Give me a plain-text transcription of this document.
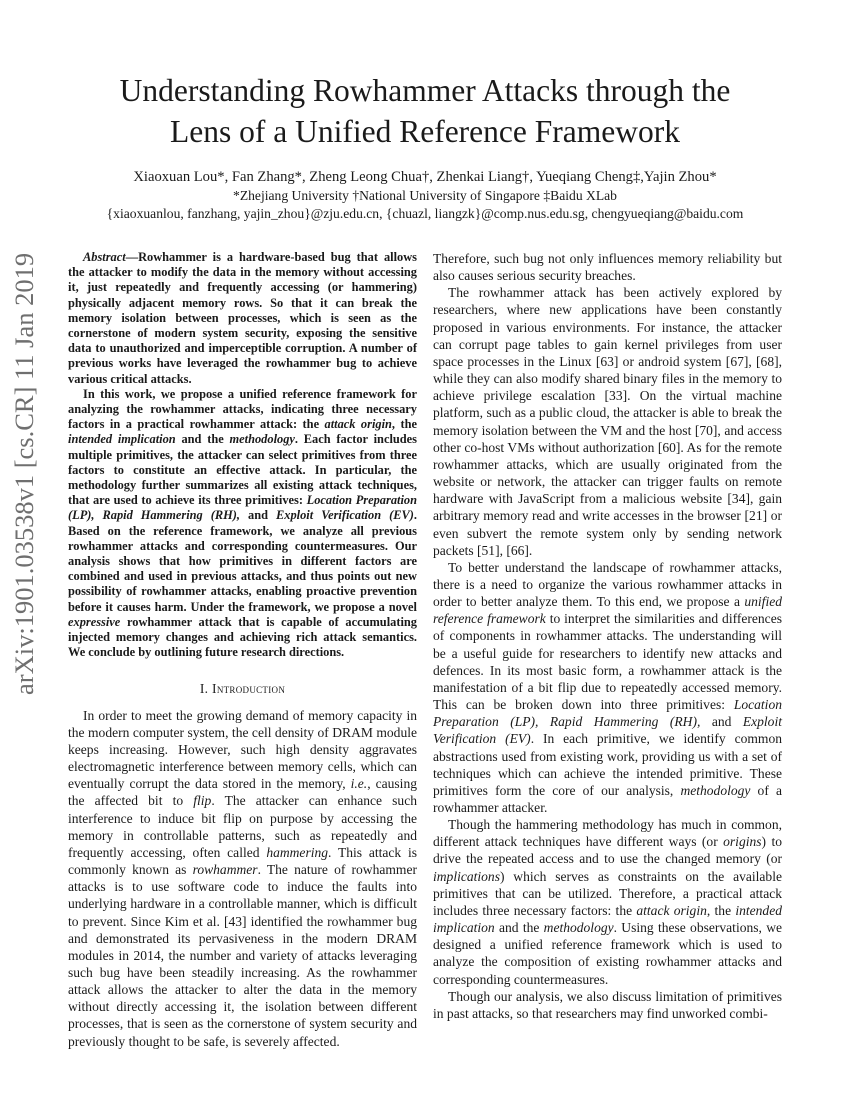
arXiv:1901.03538v1 [cs.CR] 11 Jan 2019
Understanding Rowhammer Attacks through the
Lens of a Unified Reference Framework
Xiaoxuan Lou*, Fan Zhang*, Zheng Leong Chua†, Zhenkai Liang†, Yueqiang Cheng‡,Yajin Zhou*
*Zhejiang University †National University of Singapore ‡Baidu XLab
{xiaoxuanlou, fanzhang, yajin_zhou}@zju.edu.cn, {chuazl, liangzk}@comp.nus.edu.sg, chengyueqiang@baidu.com

Abstract—Rowhammer is a hardware-based bug that allows the attacker to modify the data in the memory without accessing it, just repeatedly and frequently accessing (or hammering) physically adjacent memory rows. So that it can break the memory isolation between processes, which is seen as the cornerstone of modern system security, exposing the sensitive data to unauthorized and imperceptible corruption. A number of previous works have leveraged the rowhammer bug to achieve various critical attacks.

In this work, we propose a unified reference framework for analyzing the rowhammer attacks, indicating three necessary factors in a practical rowhammer attack: the attack origin, the intended implication and the methodology. Each factor includes multiple primitives, the attacker can select primitives from three factors to constitute an effective attack. In particular, the methodology further summarizes all existing attack techniques, that are used to achieve its three primitives: Location Preparation (LP), Rapid Hammering (RH), and Exploit Verification (EV). Based on the reference framework, we analyze all previous rowhammer attacks and corresponding countermeasures. Our analysis shows that how primitives in different factors are combined and used in previous attacks, and thus points out new possibility of rowhammer attacks, enabling proactive prevention before it causes harm. Under the framework, we propose a novel expressive rowhammer attack that is capable of accumulating injected memory changes and achieving rich attack semantics. We conclude by outlining future research directions.

I. Introduction

In order to meet the growing demand of memory capacity in the modern computer system, the cell density of DRAM module keeps increasing. However, such high density aggravates electromagnetic interference between memory cells, which can eventually corrupt the data stored in the memory, i.e., causing the affected bit to flip. The attacker can enhance such interference to induce bit flip on purpose by accessing the memory in controllable patterns, such as repeatedly and frequently accessing, often called hammering. This attack is commonly known as rowhammer. The nature of rowhammer attacks is to use software code to induce the faults into underlying hardware in a controllable manner, which is difficult to prevent. Since Kim et al. [43] identified the rowhammer bug and demonstrated its pervasiveness in the modern DRAM modules in 2014, the number and variety of attacks leveraging such bug have been steadily increasing. As the rowhammer attack allows the attacker to alter the data in the memory without directly accessing it, the isolation between different processes, that is seen as the cornerstone of system security and previously thought to be safe, is severely affected.

Therefore, such bug not only influences memory reliability but also causes serious security breaches.

The rowhammer attack has been actively explored by researchers, where new applications have been constantly proposed in various environments. For instance, the attacker can corrupt page tables to gain kernel privileges from user space processes in the Linux [63] or android system [67], [68], while they can also modify shared binary files in the memory to achieve privilege escalation [33]. On the virtual machine platform, such as a public cloud, the attacker is able to break the memory isolation between the VM and the host [70], and access other co-host VMs without authorization [60]. As for the remote rowhammer attacks, which are usually originated from the website or network, the attacker can trigger faults on remote hardware with JavaScript from a malicious website [34], gain arbitrary memory read and write accesses in the browser [21] or even subvert the remote system only by sending network packets [51], [66].

To better understand the landscape of rowhammer attacks, there is a need to organize the various rowhammer attacks in order to better analyze them. To this end, we propose a unified reference framework to interpret the similarities and differences of components in rowhammer attacks. The understanding will be a useful guide for researchers to identify new attacks and defences. In its most basic form, a rowhammer attack is the manifestation of a bit flip due to repeatedly accessed memory. This can be broken down into three primitives: Location Preparation (LP), Rapid Hammering (RH), and Exploit Verification (EV). In each primitive, we identify common abstractions used from existing work, providing us with a set of techniques which can achieve the intended primitive. These primitives form the core of our analysis, methodology of a rowhammer attacker.

Though the hammering methodology has much in common, different attack techniques have different ways (or origins) to drive the repeated access and to use the changed memory (or implications) which serves as constraints on the available primitives that can be utilized. Therefore, a practical attack includes three necessary factors: the attack origin, the intended implication and the methodology. Using these observations, we designed a unified reference framework which is used to analyze the composition of existing rowhammer attacks and corresponding countermeasures.

Though our analysis, we also discuss limitation of primitives in past attacks, so that researchers may find unworked combi-
